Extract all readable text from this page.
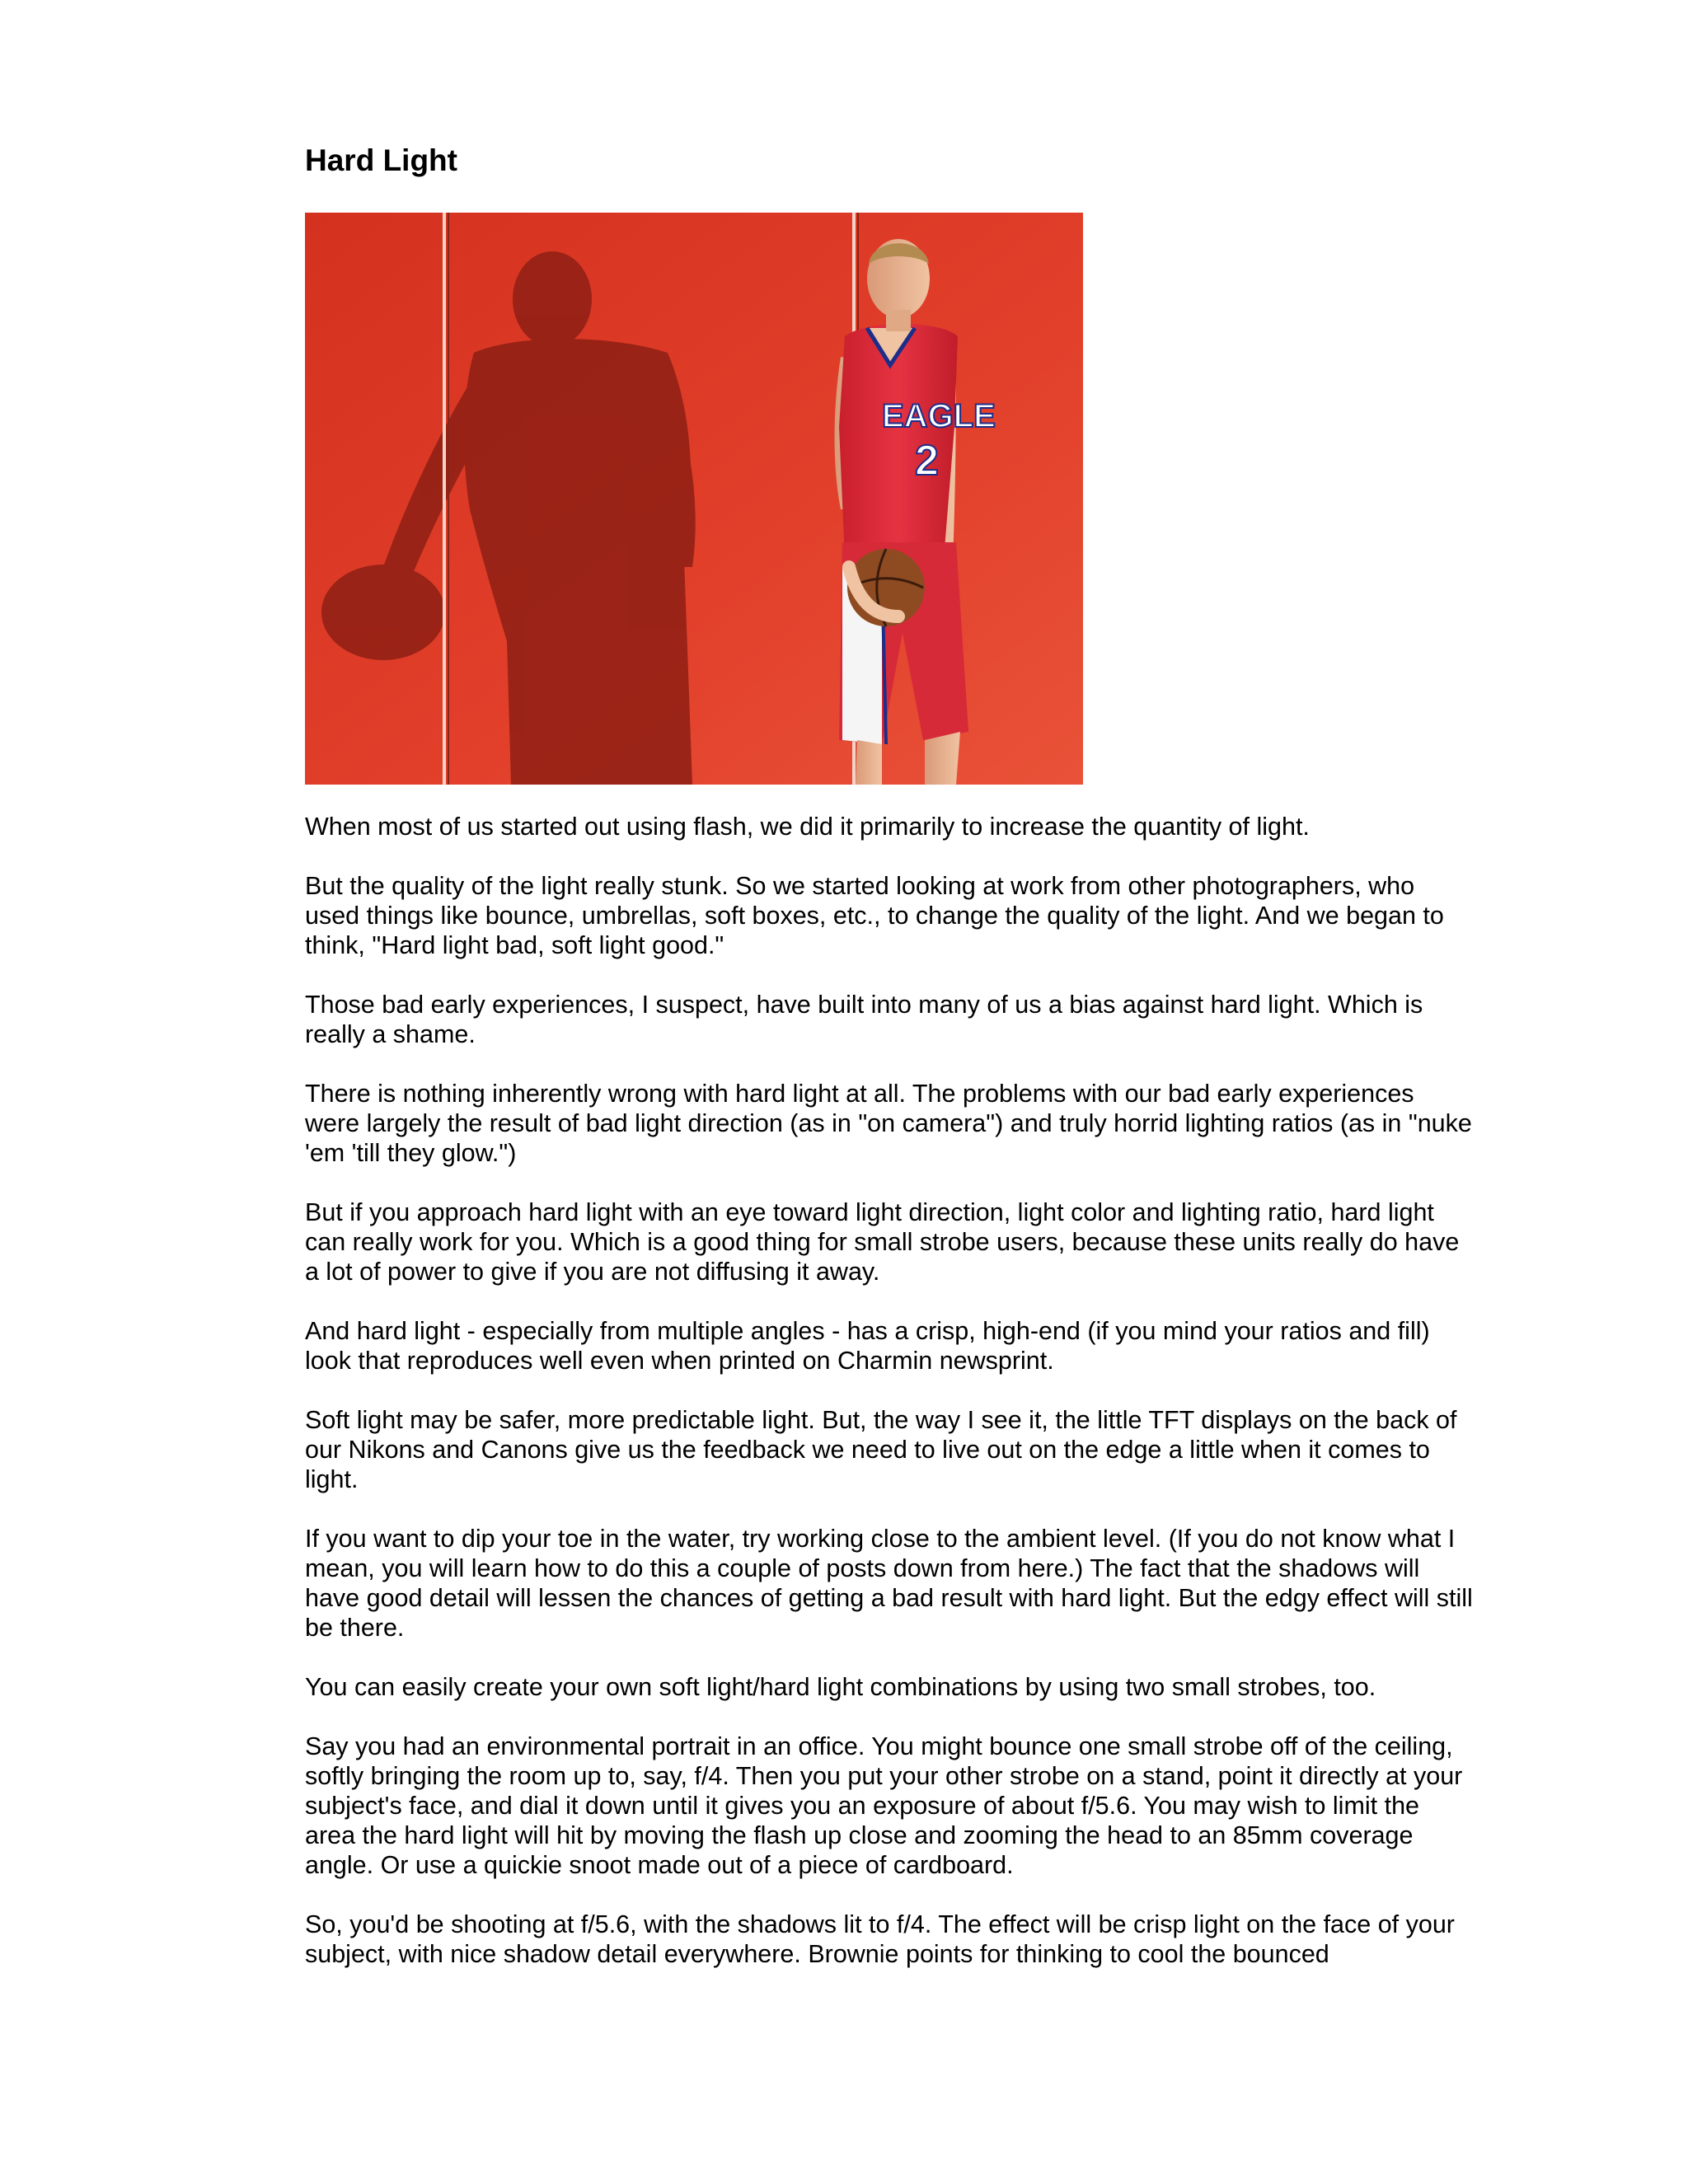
Hard Light
EAGLE
2

When most of us started out using flash, we did it primarily to increase the quantity of light.

But the quality of the light really stunk. So we started looking at work from other photographers, who used things like bounce, umbrellas, soft boxes, etc., to change the quality of the light. And we began to think, "Hard light bad, soft light good."

Those bad early experiences, I suspect, have built into many of us a bias against hard light. Which is really a shame.

There is nothing inherently wrong with hard light at all. The problems with our bad early experiences were largely the result of bad light direction (as in "on camera") and truly horrid lighting ratios (as in "nuke 'em 'till they glow.")

But if you approach hard light with an eye toward light direction, light color and lighting ratio, hard light can really work for you. Which is a good thing for small strobe users, because these units really do have a lot of power to give if you are not diffusing it away.

And hard light - especially from multiple angles - has a crisp, high-end (if you mind your ratios and fill) look that reproduces well even when printed on Charmin newsprint.

Soft light may be safer, more predictable light. But, the way I see it, the little TFT displays on the back of our Nikons and Canons give us the feedback we need to live out on the edge a little when it comes to light.

If you want to dip your toe in the water, try working close to the ambient level. (If you do not know what I mean, you will learn how to do this a couple of posts down from here.) The fact that the shadows will have good detail will lessen the chances of getting a bad result with hard light. But the edgy effect will still be there.

You can easily create your own soft light/hard light combinations by using two small strobes, too.

Say you had an environmental portrait in an office. You might bounce one small strobe off of the ceiling, softly bringing the room up to, say, f/4. Then you put your other strobe on a stand, point it directly at your subject's face, and dial it down until it gives you an exposure of about f/5.6. You may wish to limit the area the hard light will hit by moving the flash up close and zooming the head to an 85mm coverage angle. Or use a quickie snoot made out of a piece of cardboard.

So, you'd be shooting at f/5.6, with the shadows lit to f/4. The effect will be crisp light on the face of your subject, with nice shadow detail everywhere. Brownie points for thinking to cool the bounced
